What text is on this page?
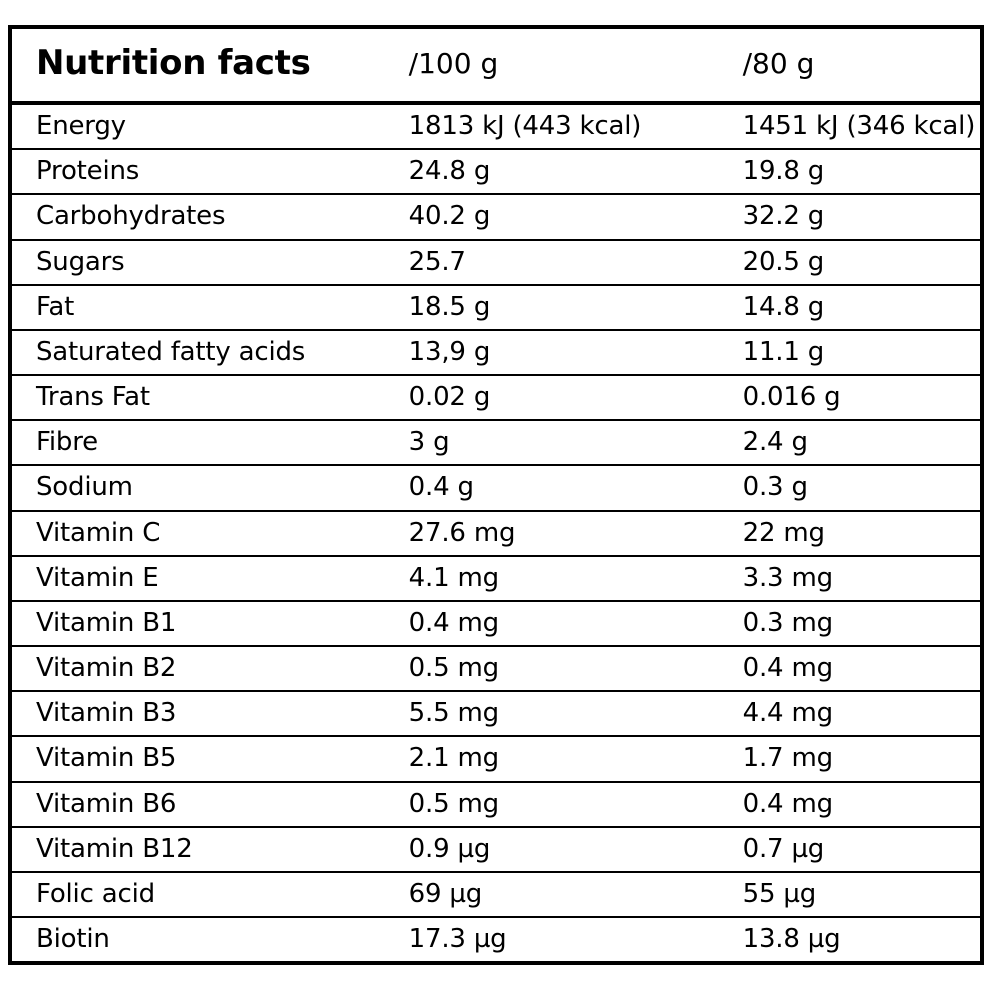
Nutrition facts	/100 g	/80 g
Energy	1813 kJ (443 kcal)	1451 kJ (346 kcal)
Proteins	24.8 g	19.8 g
Carbohydrates	40.2 g	32.2 g
Sugars	25.7	20.5 g
Fat	18.5 g	14.8 g
Saturated fatty acids	13,9 g	11.1 g
Trans Fat	0.02 g	0.016 g
Fibre	3 g	2.4 g
Sodium	0.4 g	0.3 g
Vitamin C	27.6 mg	22 mg
Vitamin E	4.1 mg	3.3 mg
Vitamin B1	0.4 mg	0.3 mg
Vitamin B2	0.5 mg	0.4 mg
Vitamin B3	5.5 mg	4.4 mg
Vitamin B5	2.1 mg	1.7 mg
Vitamin B6	0.5 mg	0.4 mg
Vitamin B12	0.9 µg	0.7 µg
Folic acid	69 µg	55 µg
Biotin	17.3 µg	13.8 µg
